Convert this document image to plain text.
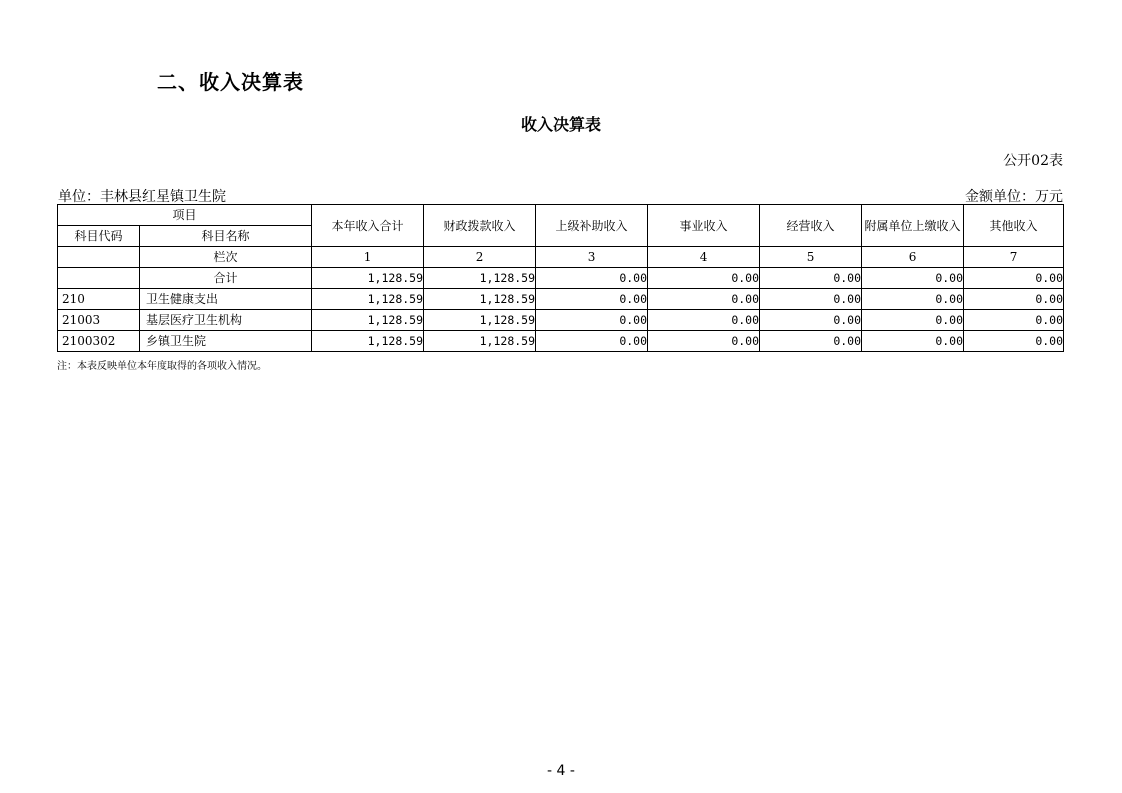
二、收入决算表
收入决算表
公开02表
单位：丰林县红星镇卫生院	金额单位：万元
项目		本年收入合计	财政拨款收入	上级补助收入	事业收入	经营收入	附属单位上缴收入	其他收入
科目代码	科目名称							
	栏次	1	2	3	4	5	6	7
	合计	1,128.59	1,128.59	0.00	0.00	0.00	0.00	0.00
210	卫生健康支出	1,128.59	1,128.59	0.00	0.00	0.00	0.00	0.00
21003	基层医疗卫生机构	1,128.59	1,128.59	0.00	0.00	0.00	0.00	0.00
2100302	乡镇卫生院	1,128.59	1,128.59	0.00	0.00	0.00	0.00	0.00
注：本表反映单位本年度取得的各项收入情况。
- 4 -
